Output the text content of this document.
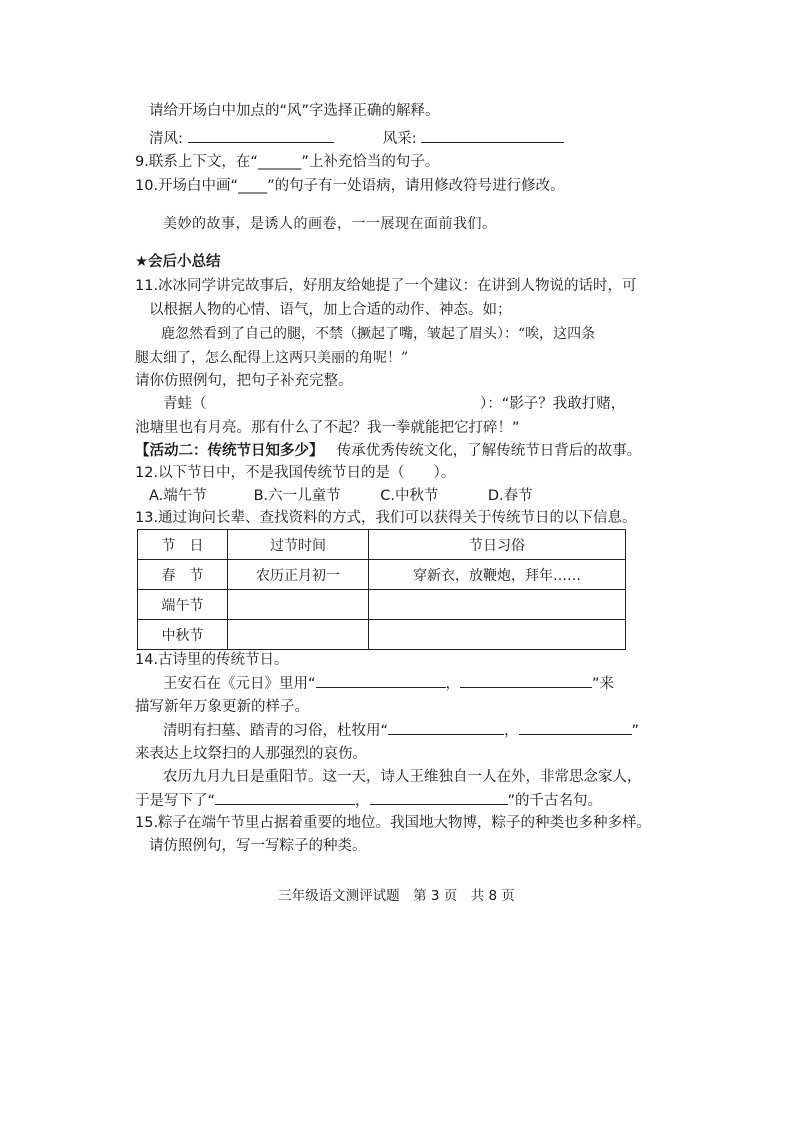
请给开场白中加点的“风”字选择正确的解释。
清风:	风采:
9.联系上下文，在“______”上补充恰当的句子。
10.开场白中画“____”的句子有一处语病，请用修改符号进行修改。
美妙的故事，是诱人的画卷，一一展现在面前我们。
★会后小总结
11.冰冰同学讲完故事后，好朋友给她提了一个建议：在讲到人物说的话时，可
以根据人物的心情、语气，加上合适的动作、神态。如；
鹿忽然看到了自己的腿，不禁（撅起了嘴，皱起了眉头）：“唉，这四条
腿太细了，怎么配得上这两只美丽的角呢！”
请你仿照例句，把句子补充完整。
青蛙（	）：“影子？我敢打赌，
池塘里也有月亮。那有什么了不起？我一拳就能把它打碎！”
【活动二：传统节日知多少】 传承优秀传统文化，了解传统节日背后的故事。
12.以下节日中，不是我国传统节日的是（　　）。
A.端午节	B.六一儿童节	C.中秋节	D.春节
13.通过询问长辈、查找资料的方式，我们可以获得关于传统节日的以下信息。
节　日	过节时间	节日习俗
春　节	农历正月初一	穿新衣，放鞭炮，拜年……
端午节		
中秋节		
14.古诗里的传统节日。
王安石在《元日》里用“	，	”来
描写新年万象更新的样子。
清明有扫墓、踏青的习俗，杜牧用“	，	”
来表达上坟祭扫的人那强烈的哀伤。
农历九月九日是重阳节。这一天，诗人王维独自一人在外，非常思念家人，
于是写下了“	，	”的千古名句。
15.粽子在端午节里占据着重要的地位。我国地大物博，粽子的种类也多种多样。
请仿照例句，写一写粽子的种类。
三年级语文测评试题　第 3 页　共 8 页
